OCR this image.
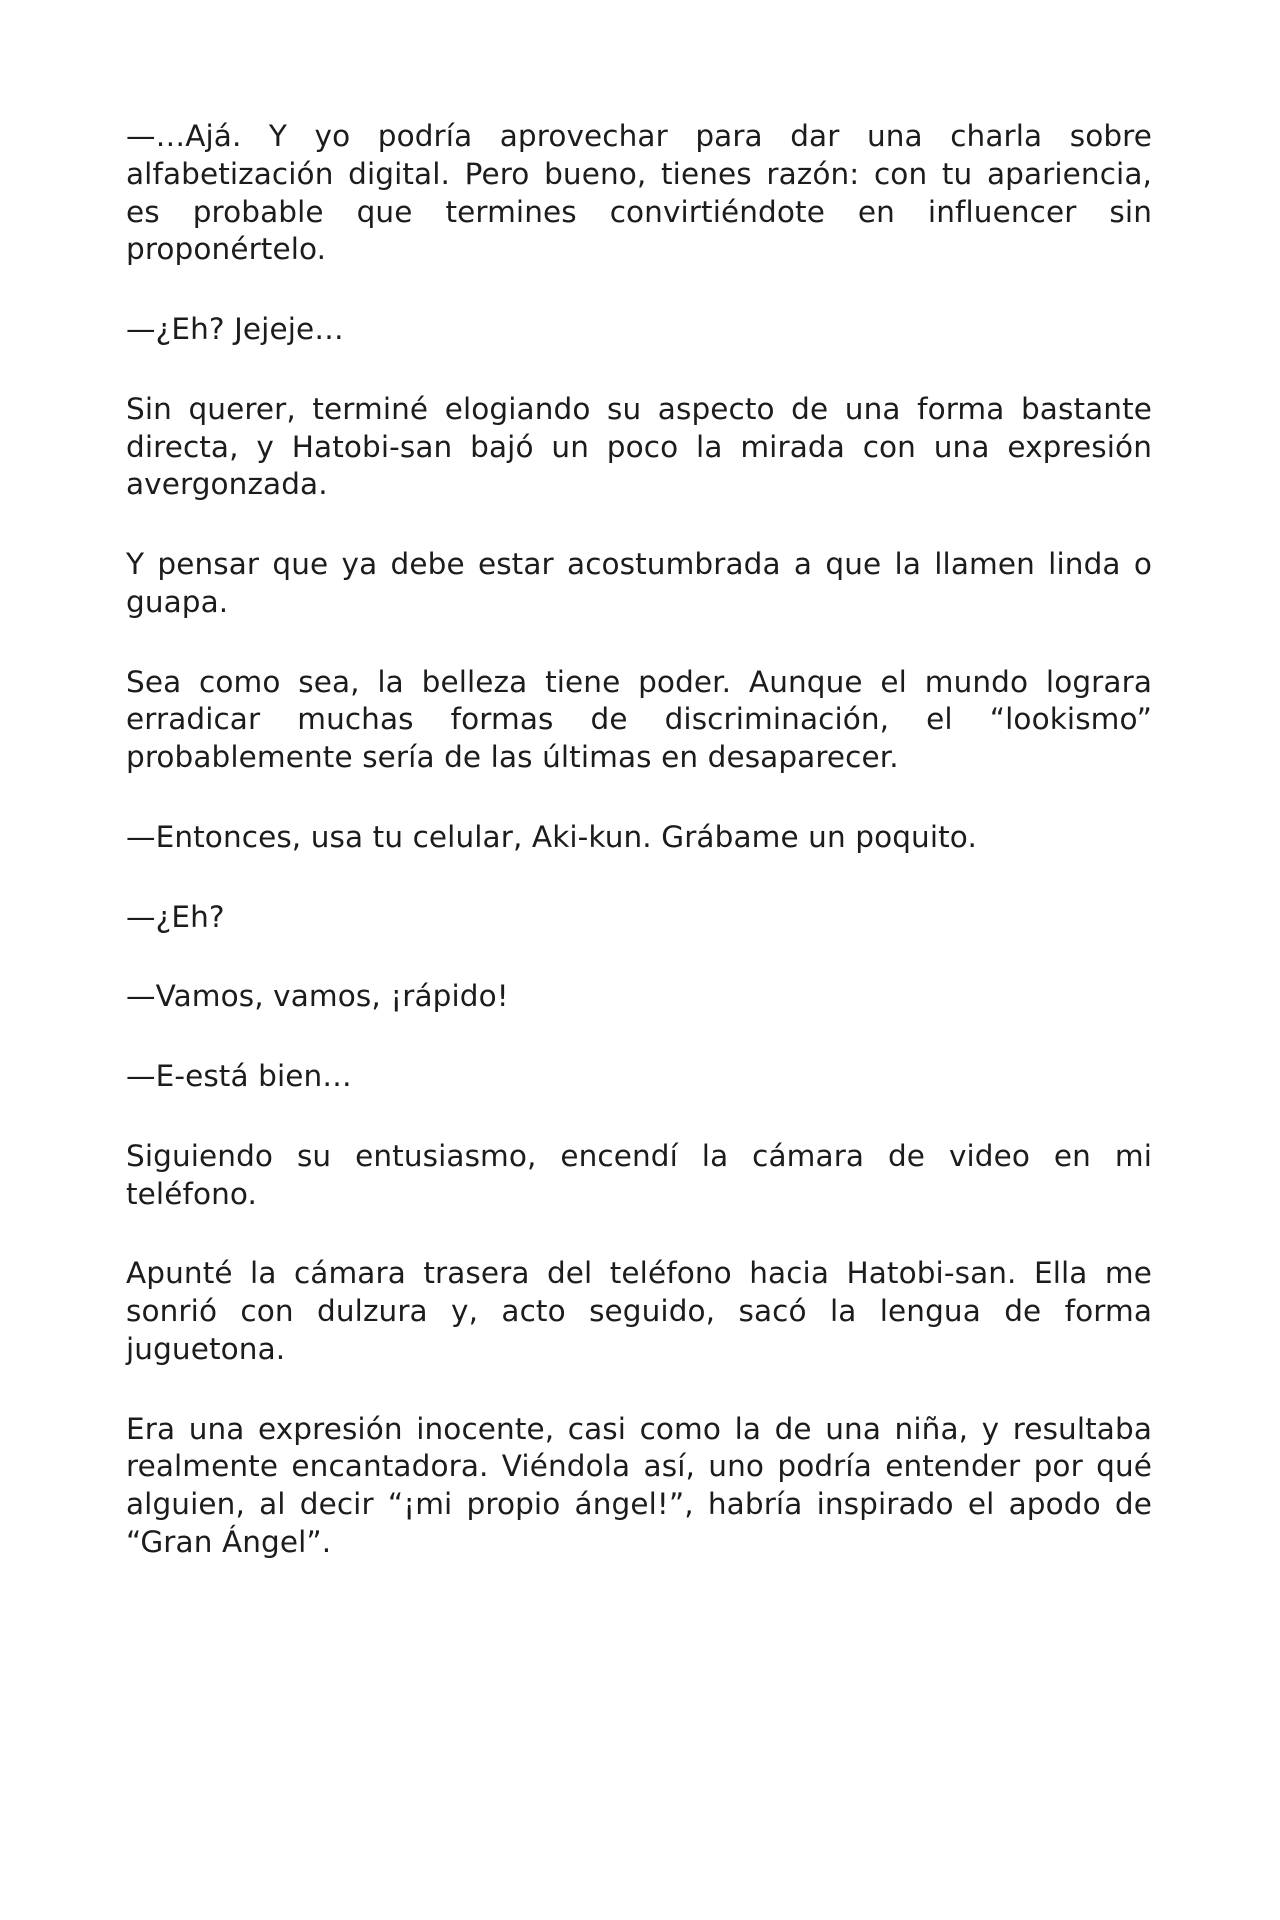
—…Ajá. Y yo podría aprovechar para dar una charla sobre alfabetización digital. Pero bueno, tienes razón: con tu apariencia, es probable que termines convirtiéndote en influencer sin proponértelo.

—¿Eh? Jejeje…

Sin querer, terminé elogiando su aspecto de una forma bastante directa, y Hatobi-san bajó un poco la mirada con una expresión avergonzada.

Y pensar que ya debe estar acostumbrada a que la llamen linda o guapa.

Sea como sea, la belleza tiene poder. Aunque el mundo lograra erradicar muchas formas de discriminación, el “lookismo” probablemente sería de las últimas en desaparecer.

—Entonces, usa tu celular, Aki-kun. Grábame un poquito.

—¿Eh?

—Vamos, vamos, ¡rápido!

—E-está bien…

Siguiendo su entusiasmo, encendí la cámara de video en mi teléfono.

Apunté la cámara trasera del teléfono hacia Hatobi-san. Ella me sonrió con dulzura y, acto seguido, sacó la lengua de forma juguetona.

Era una expresión inocente, casi como la de una niña, y resultaba realmente encantadora. Viéndola así, uno podría entender por qué alguien, al decir “¡mi propio ángel!”, habría inspirado el apodo de “Gran Ángel”.
